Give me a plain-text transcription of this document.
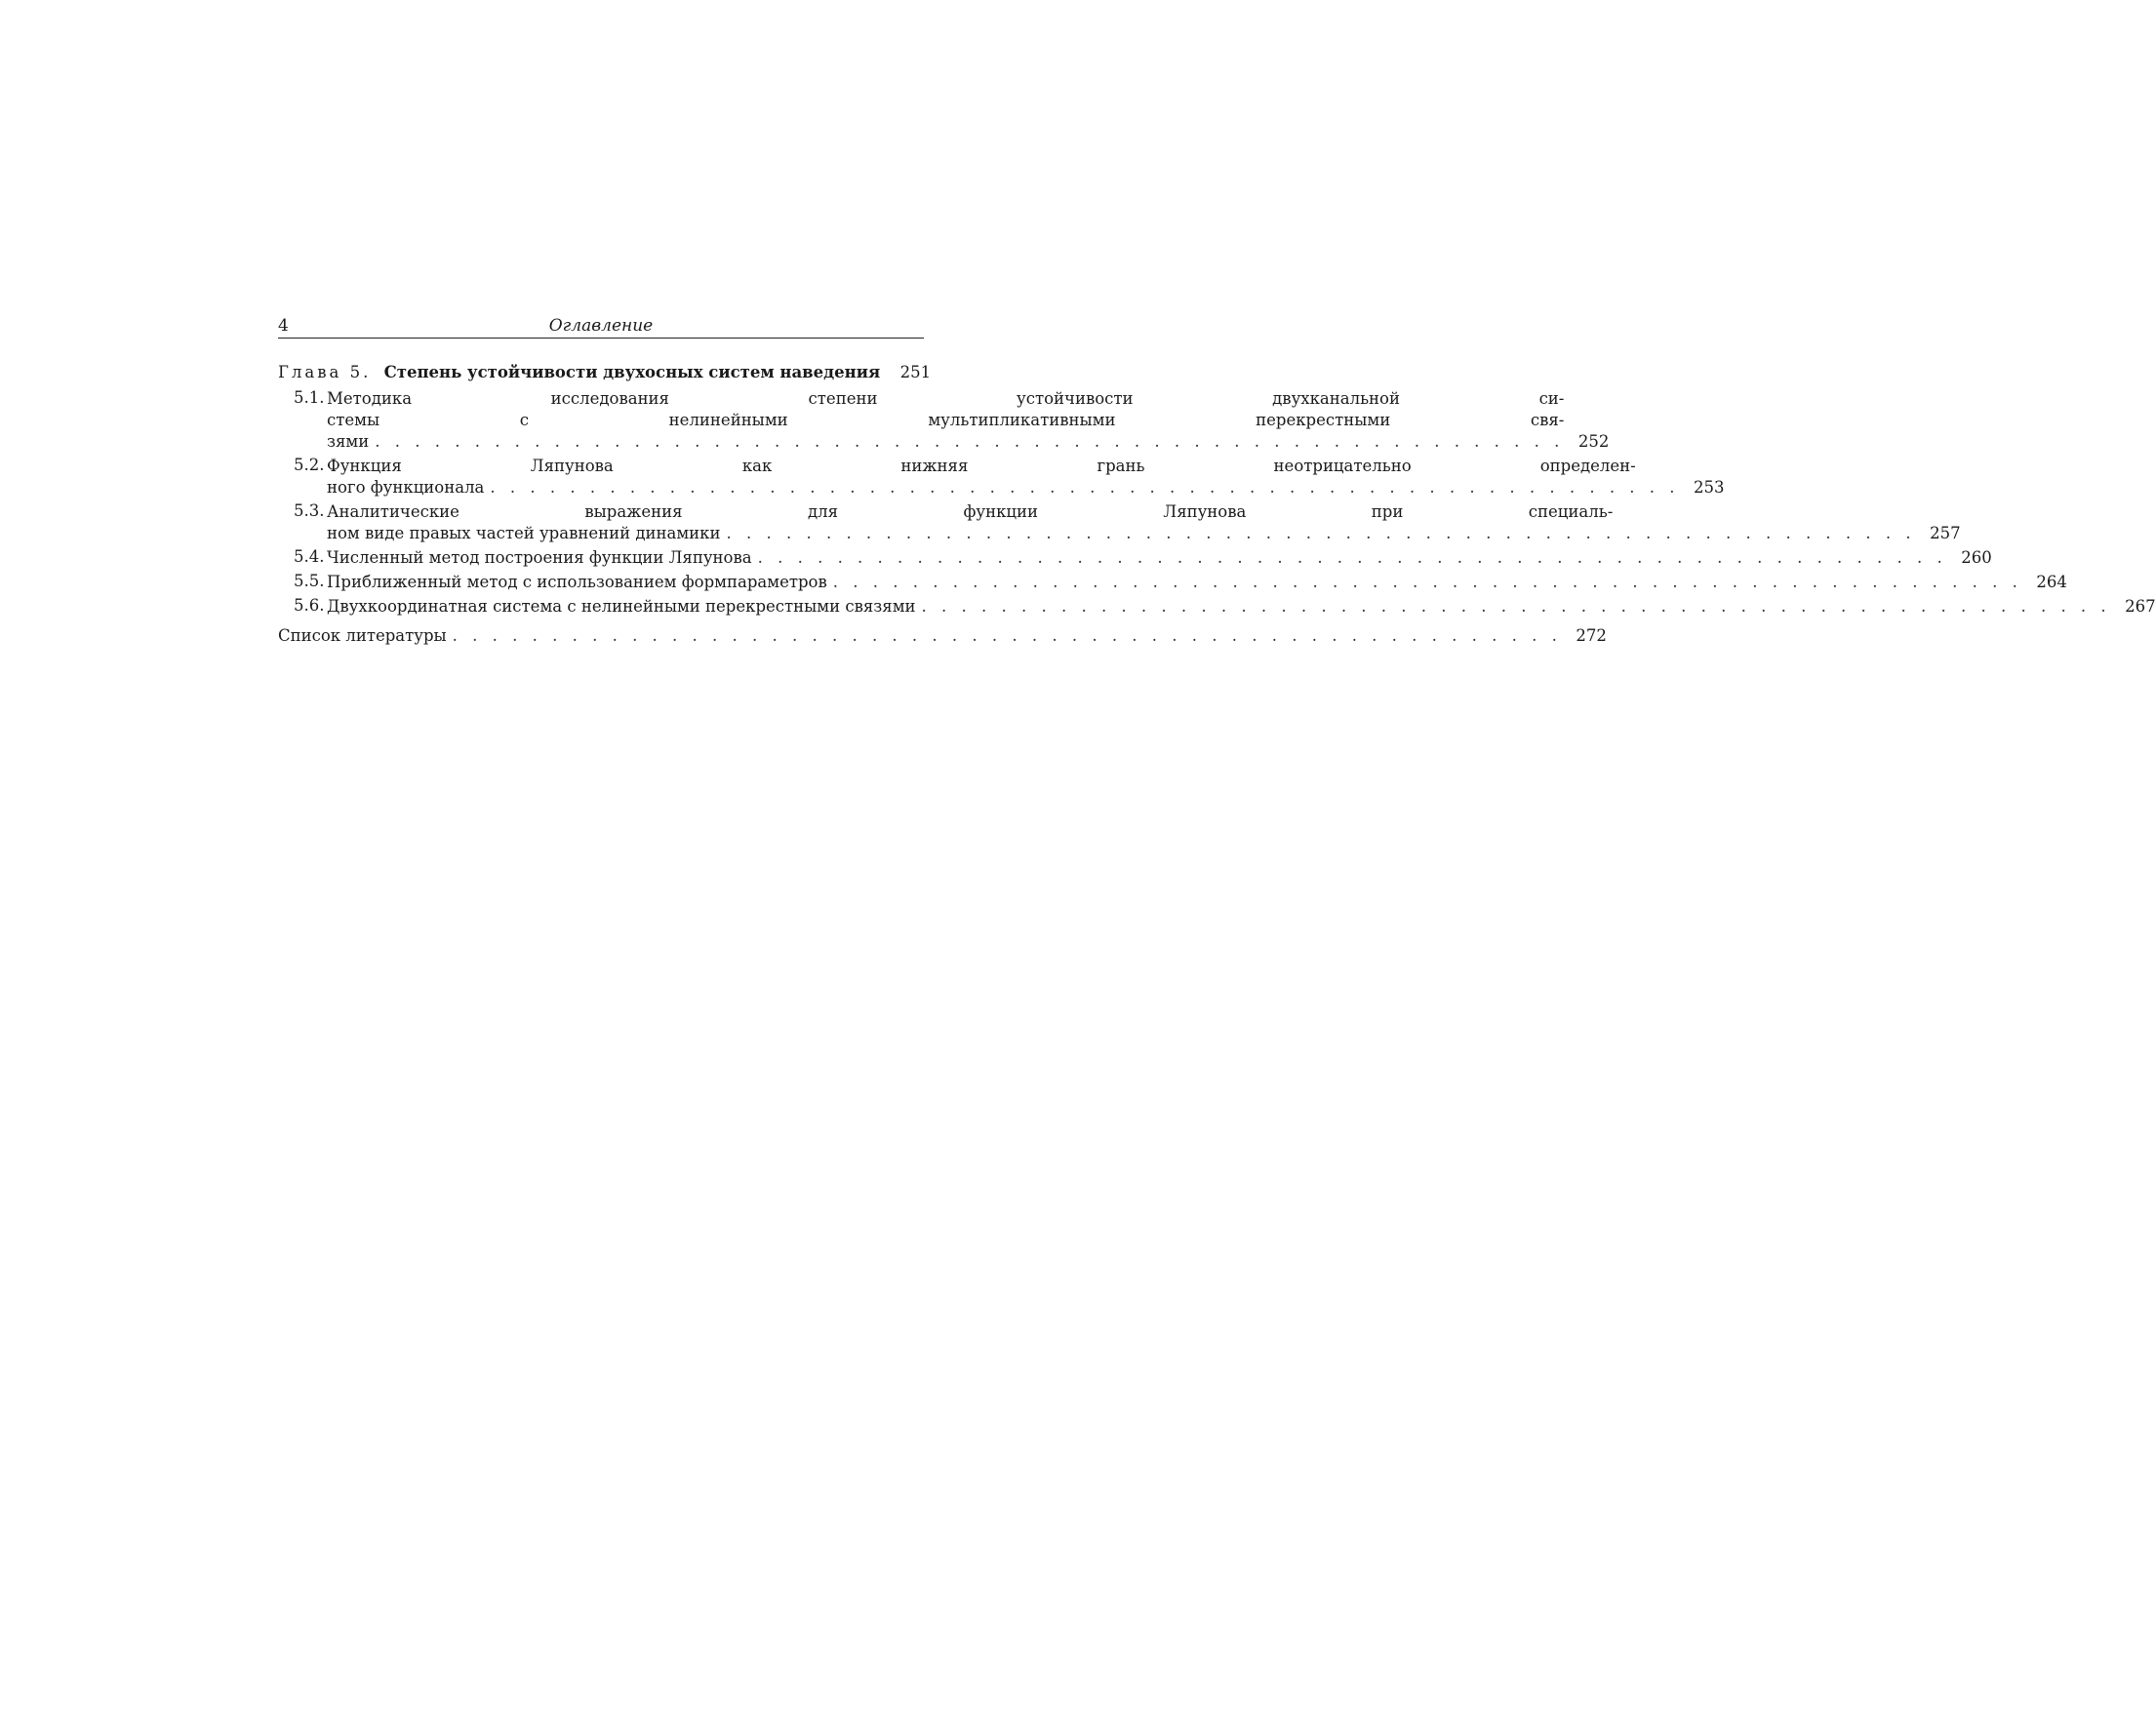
4	Оглавление
Глава 5. Степень устойчивости двухосных систем наведения	251
5.1. Методика исследования степени устойчивости двухканальной си-
стемы с нелинейными мультипликативными перекрестными свя-
зями . . . . . . . . . . . . . . . . . . . . . . . . . . . . . . . . . . . . . . . . . . . . . . . . . . . . . . . . . . . . 252
5.2. Функция Ляпунова как нижняя грань неотрицательно определен-
ного функционала . . . . . . . . . . . . . . . . . . . . . . . . . . . . . . . . . . . . . . . . . . . . . . . . . . . . . . . . . . . . 253
5.3. Аналитические выражения для функции Ляпунова при специаль-
ном виде правых частей уравнений динамики . . . . . . . . . . . . . . . . . . . . . . . . . . . . . . . . . . . . . . . . . . . . . . . . . . . . . . . . . . . . 257
5.4. Численный метод построения функции Ляпунова . . . . . . . . . . . . . . . . . . . . . . . . . . . . . . . . . . . . . . . . . . . . . . . . . . . . . . . . . . . . 260
5.5. Приближенный метод с использованием формпараметров . . . . . . . . . . . . . . . . . . . . . . . . . . . . . . . . . . . . . . . . . . . . . . . . . . . . . . . . . . . . 264
5.6. Двухкоординатная система с нелинейными перекрестными связями . . . . . . . . . . . . . . . . . . . . . . . . . . . . . . . . . . . . . . . . . . . . . . . . . . . . . . . . . . . . 267
Список литературы . . . . . . . . . . . . . . . . . . . . . . . . . . . . . . . . . . . . . . . . . . . . . . . . . . . . . . . . 272
